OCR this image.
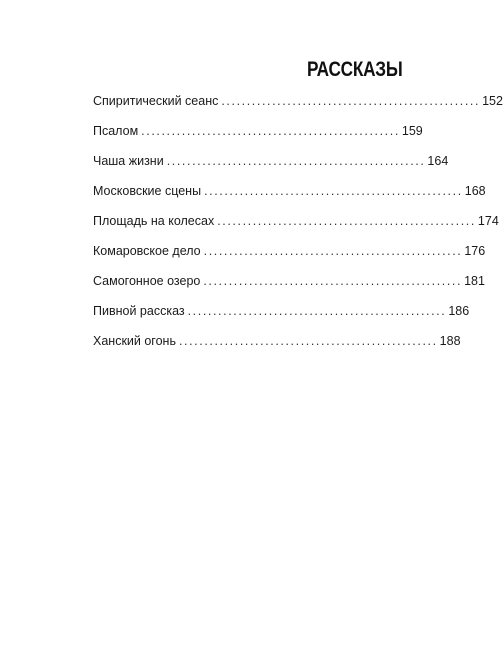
РАССКАЗЫ
Спиритический сеанс ................................................... 152
Псалом ................................................... 159
Чаша жизни ................................................... 164
Московские сцены ................................................... 168
Площадь на колесах ................................................... 174
Комаровское дело ................................................... 176
Самогонное озеро ................................................... 181
Пивной рассказ ................................................... 186
Ханский огонь ................................................... 188
